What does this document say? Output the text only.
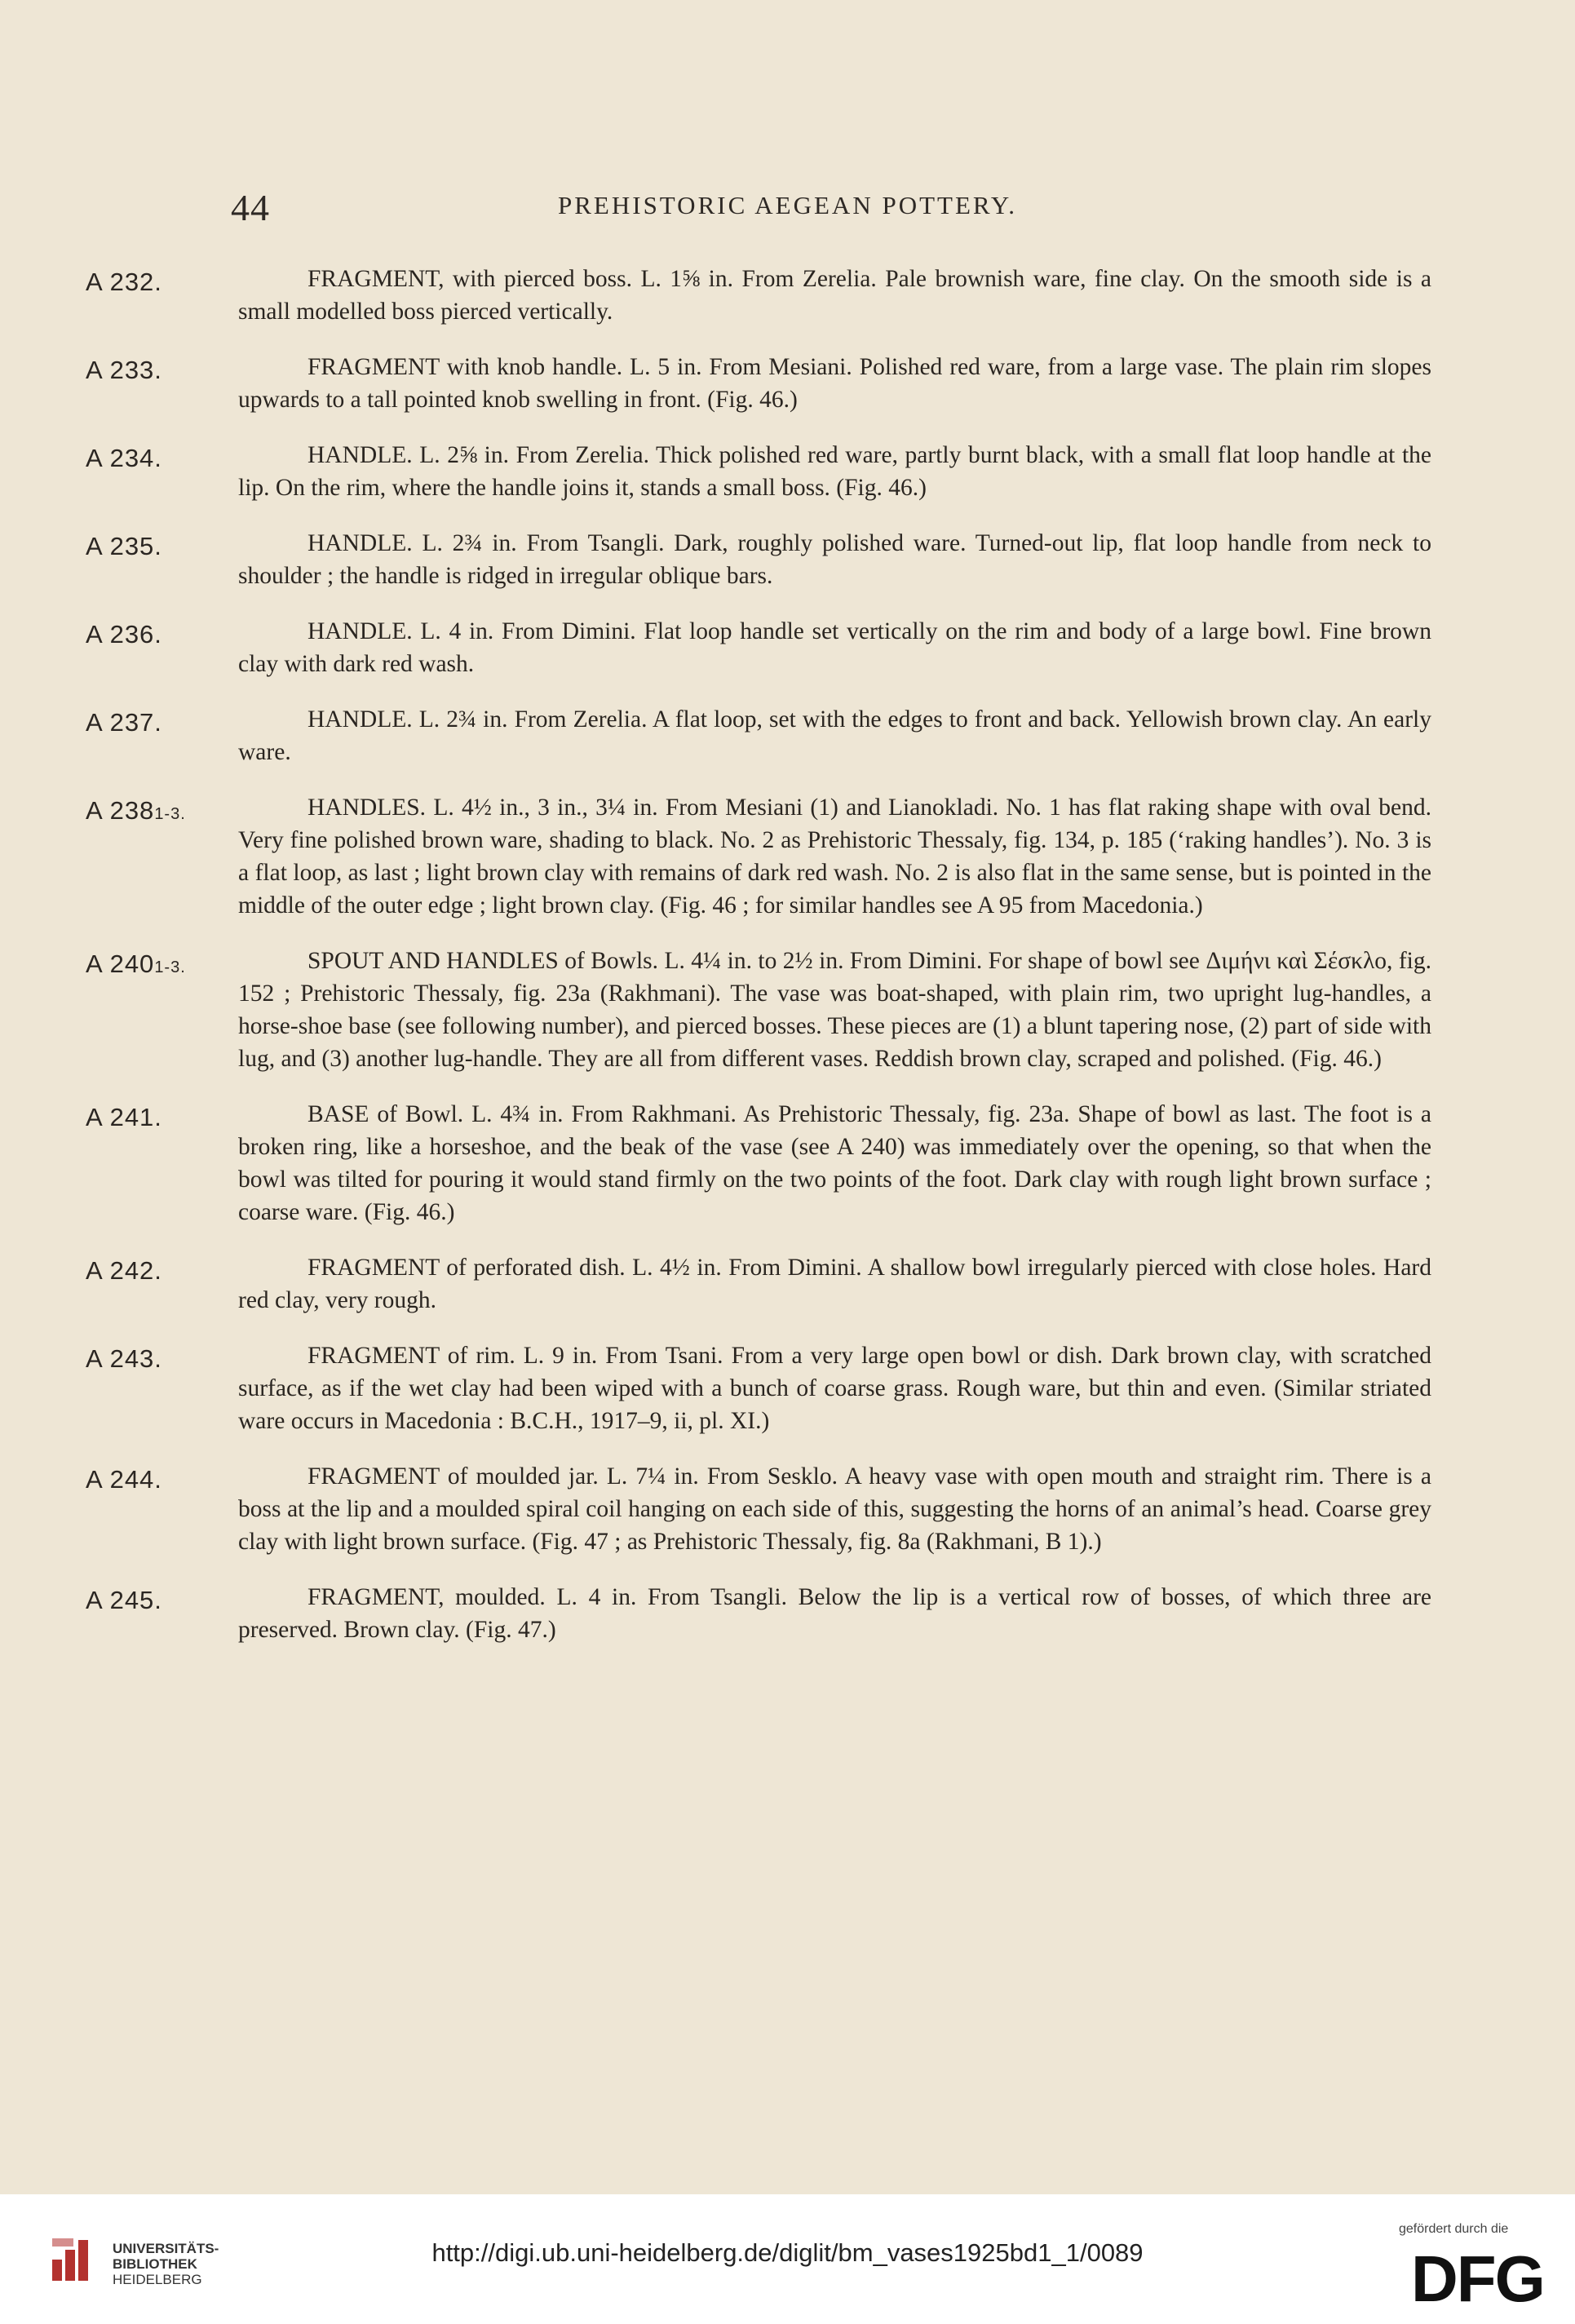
44	PREHISTORIC AEGEAN POTTERY.
A 232.	FRAGMENT, with pierced boss. L. 1⅝ in. From Zerelia. Pale brownish ware, fine clay. On the smooth side is a small modelled boss pierced vertically.
A 233.	FRAGMENT with knob handle. L. 5 in. From Mesiani. Polished red ware, from a large vase. The plain rim slopes upwards to a tall pointed knob swelling in front. (Fig. 46.)
A 234.	HANDLE. L. 2⅝ in. From Zerelia. Thick polished red ware, partly burnt black, with a small flat loop handle at the lip. On the rim, where the handle joins it, stands a small boss. (Fig. 46.)
A 235.	HANDLE. L. 2¾ in. From Tsangli. Dark, roughly polished ware. Turned-out lip, flat loop handle from neck to shoulder ; the handle is ridged in irregular oblique bars.
A 236.	HANDLE. L. 4 in. From Dimini. Flat loop handle set vertically on the rim and body of a large bowl. Fine brown clay with dark red wash.
A 237.	HANDLE. L. 2¾ in. From Zerelia. A flat loop, set with the edges to front and back. Yellowish brown clay. An early ware.
A 2381-3.	HANDLES. L. 4½ in., 3 in., 3¼ in. From Mesiani (1) and Lianokladi. No. 1 has flat raking shape with oval bend. Very fine polished brown ware, shading to black. No. 2 as Prehistoric Thessaly, fig. 134, p. 185 (‘raking handles’). No. 3 is a flat loop, as last ; light brown clay with remains of dark red wash. No. 2 is also flat in the same sense, but is pointed in the middle of the outer edge ; light brown clay. (Fig. 46 ; for similar handles see A 95 from Macedonia.)
A 2401-3.	SPOUT AND HANDLES of Bowls. L. 4¼ in. to 2½ in. From Dimini. For shape of bowl see Διμήνι καὶ Σέσκλο, fig. 152 ; Prehistoric Thessaly, fig. 23a (Rakhmani). The vase was boat-shaped, with plain rim, two upright lug-handles, a horse-shoe base (see following number), and pierced bosses. These pieces are (1) a blunt tapering nose, (2) part of side with lug, and (3) another lug-handle. They are all from different vases. Reddish brown clay, scraped and polished. (Fig. 46.)
A 241.	BASE of Bowl. L. 4¾ in. From Rakhmani. As Prehistoric Thessaly, fig. 23a. Shape of bowl as last. The foot is a broken ring, like a horseshoe, and the beak of the vase (see A 240) was immediately over the opening, so that when the bowl was tilted for pouring it would stand firmly on the two points of the foot. Dark clay with rough light brown surface ; coarse ware. (Fig. 46.)
A 242.	FRAGMENT of perforated dish. L. 4½ in. From Dimini. A shallow bowl irregularly pierced with close holes. Hard red clay, very rough.
A 243.	FRAGMENT of rim. L. 9 in. From Tsani. From a very large open bowl or dish. Dark brown clay, with scratched surface, as if the wet clay had been wiped with a bunch of coarse grass. Rough ware, but thin and even. (Similar striated ware occurs in Macedonia : B.C.H., 1917–9, ii, pl. XI.)
A 244.	FRAGMENT of moulded jar. L. 7¼ in. From Sesklo. A heavy vase with open mouth and straight rim. There is a boss at the lip and a moulded spiral coil hanging on each side of this, suggesting the horns of an animal’s head. Coarse grey clay with light brown surface. (Fig. 47 ; as Prehistoric Thessaly, fig. 8a (Rakhmani, B 1).)
A 245.	FRAGMENT, moulded. L. 4 in. From Tsangli. Below the lip is a vertical row of bosses, of which three are preserved. Brown clay. (Fig. 47.)
UNIVERSITÄTS-
BIBLIOTHEK
HEIDELBERG
http://digi.ub.uni-heidelberg.de/diglit/bm_vases1925bd1_1/0089
gefördert durch die
DFG
